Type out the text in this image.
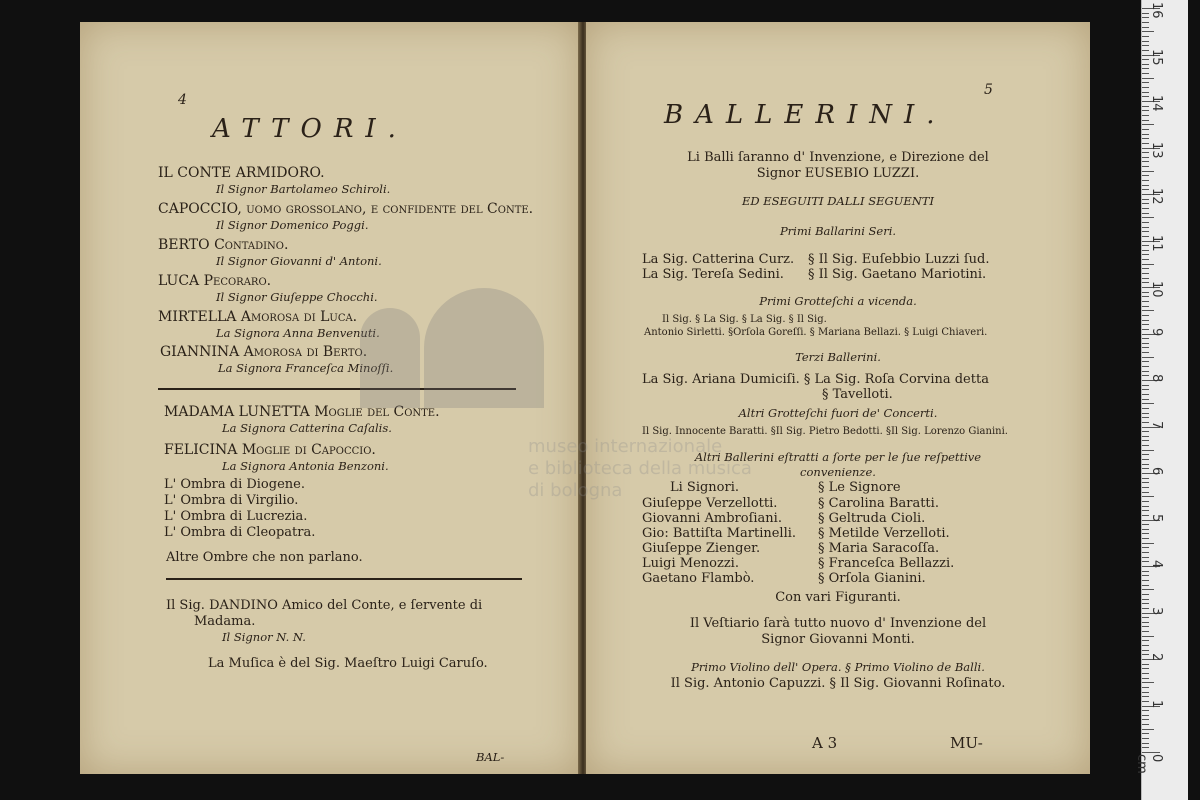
4
ATTORI.
IL CONTE ARMIDORO.
Il Signor Bartolameo Schiroli.
CAPOCCIO, uomo groſſolano, e confidente del Conte.
Il Signor Domenico Poggi.
BERTO Contadino.
Il Signor Giovanni d' Antoni.
LUCA Pecoraro.
Il Signor Giuſeppe Chocchi.
MIRTELLA Amoroſa di Luca.
La Signora Anna Benvenuti.
GIANNINA Amoroſa di Berto.
La Signora Franceſca Minoſſi.
MADAMA LUNETTA Moglie del Conte.
La Signora Catterina Caſalis.
FELICINA Moglie di Capoccio.
La Signora Antonia Benzoni.
L' Ombra di Diogene.
L' Ombra di Virgilio.
L' Ombra di Lucrezia.
L' Ombra di Cleopatra.
Altre Ombre che non parlano.
Il Sig. DANDINO Amico del Conte, e ſervente di
Madama.
Il Signor N. N.
La Muſica è del Sig. Maeſtro Luigi Caruſo.
BAL-
5
BALLERINI.
Li Balli ſaranno d' Invenzione, e Direzione del
Signor EUSEBIO LUZZI.
ED ESEGUITI DALLI SEGUENTI
Primi Ballarini Seri.
La Sig. Catterina Curz. § Il Sig. Euſebbio Luzzi ſud.
La Sig. Tereſa Sedini. § Il Sig. Gaetano Mariotini.
Primi Grotteſchi a vicenda.
Il Sig. § La Sig. § La Sig. § Il Sig.
Antonio Sirletti. §Orſola Goreſſi. § Mariana Bellazi. § Luigi Chiaveri.
Terzi Ballerini.
La Sig. Ariana Dumiciſi. § La Sig. Roſa Corvina detta
§ Tavelloti.
Altri Grotteſchi fuori de' Concerti.
Il Sig. Innocente Baratti. §Il Sig. Pietro Bedotti. §Il Sig. Lorenzo Gianini.
Altri Ballerini eſtratti a ſorte per le ſue reſpettive
convenienze.
Li Signori.	§ Le Signore
Giuſeppe Verzellotti.	§ Carolina Baratti.
Giovanni Ambroſiani.	§ Geltruda Cioli.
Gio: Battiſta Martinelli. § Metilde Verzelloti.
Giuſeppe Zienger.	§ Maria Saracoſſa.
Luigi Menozzi.	§ Franceſca Bellazzi.
Gaetano Flambò.	§ Orſola Gianini.
Con vari Figuranti.
Il Veſtiario ſarà tutto nuovo d' Invenzione del
Signor Giovanni Monti.
Primo Violino dell' Opera. § Primo Violino de Balli.
Il Sig. Antonio Capuzzi. § Il Sig. Giovanni Roſinato.
A 3	MU-
museo internazionale
e biblioteca della musica
di bologna
0 cm
1
2
3
4
5
6
7
8
9
10
11
12
13
14
15
16
